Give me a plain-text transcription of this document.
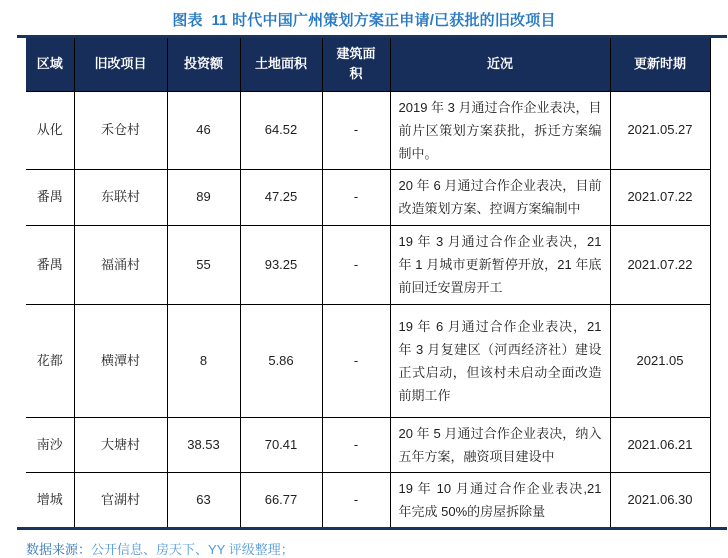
图表  11 时代中国广州策划方案正申请/已获批的旧改项目
区域	旧改项目	投资额	土地面积	建筑面积	近况	更新时期
从化	禾仓村	46	64.52	-	2019 年 3 月通过合作企业表决，目前片区策划方案获批，拆迁方案编制中。	2021.05.27
番禺	东联村	89	47.25	-	20 年 6 月通过合作企业表决，目前改造策划方案、控调方案编制中	2021.07.22
番禺	福涌村	55	93.25	-	19 年 3 月通过合作企业表决，21 年 1 月城市更新暂停开放，21 年底前回迁安置房开工	2021.07.22
花都	横潭村	8	5.86	-	19 年 6 月通过合作企业表决，21 年 3 月复建区（河西经济社）建设正式启动，但该村未启动全面改造前期工作	2021.05
南沙	大塘村	38.53	70.41	-	20 年 5 月通过合作企业表决，纳入五年方案，融资项目建设中	2021.06.21
增城	官湖村	63	66.77	-	19 年 10 月通过合作企业表决,21 年完成 50%的房屋拆除量	2021.06.30
数据来源：公开信息、房天下、YY 评级整理；
